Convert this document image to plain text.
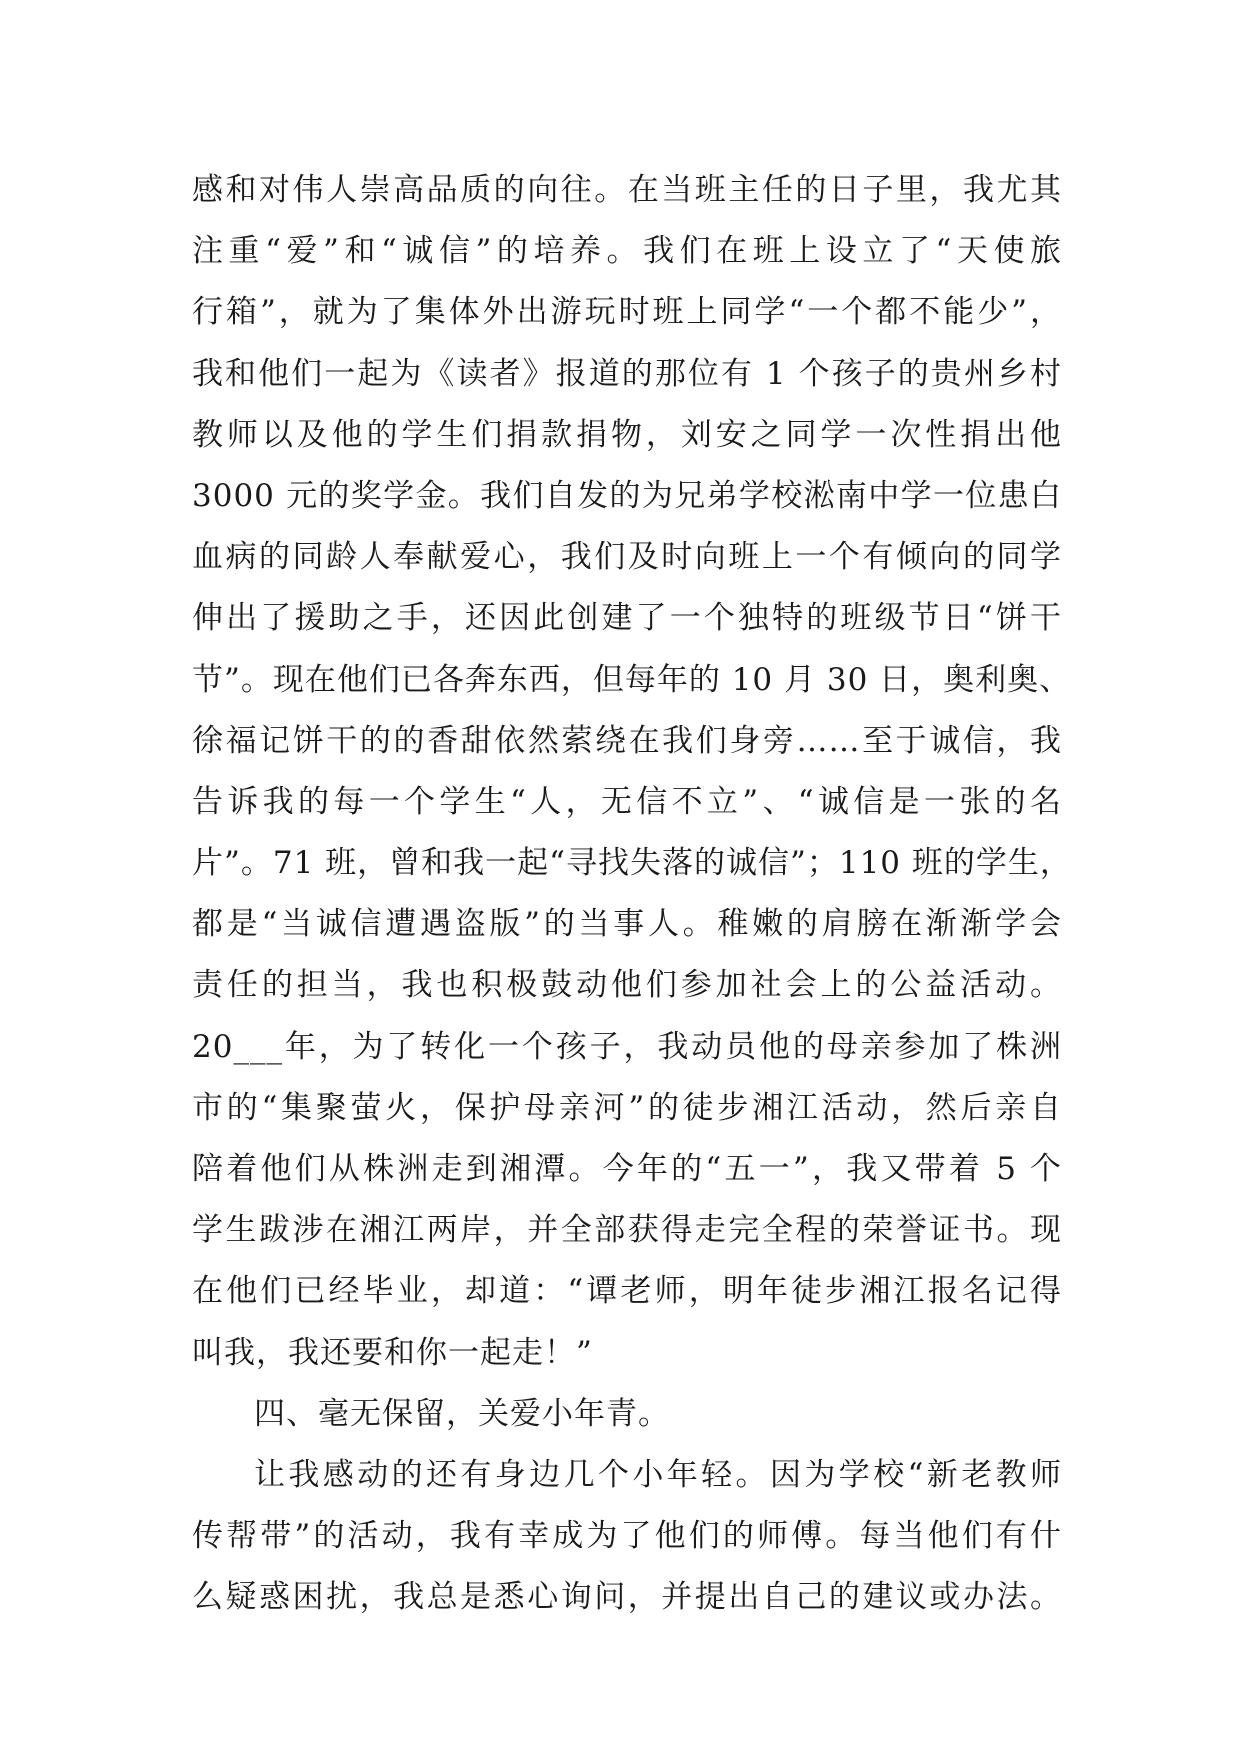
感和对伟人崇高品质的向往。在当班主任的日子里，我尤其
注重“爱”和“诚信”的培养。我们在班上设立了“天使旅
行箱”，就为了集体外出游玩时班上同学“一个都不能少”，
我和他们一起为《读者》报道的那位有 1 个孩子的贵州乡村
教师以及他的学生们捐款捐物，刘安之同学一次性捐出他
3000 元的奖学金。我们自发的为兄弟学校淞南中学一位患白
血病的同龄人奉献爱心，我们及时向班上一个有倾向的同学
伸出了援助之手，还因此创建了一个独特的班级节日“饼干
节”。现在他们已各奔东西，但每年的 10 月 30 日，奥利奥、
徐福记饼干的的香甜依然萦绕在我们身旁……至于诚信，我
告诉我的每一个学生“人，无信不立”、“诚信是一张的名
片”。71 班，曾和我一起“寻找失落的诚信”；110 班的学生，
都是“当诚信遭遇盗版”的当事人。稚嫩的肩膀在渐渐学会
责任的担当，我也积极鼓动他们参加社会上的公益活动。
20___年，为了转化一个孩子，我动员他的母亲参加了株洲
市的“集聚萤火，保护母亲河”的徒步湘江活动，然后亲自
陪着他们从株洲走到湘潭。今年的“五一”，我又带着 5 个
学生跋涉在湘江两岸，并全部获得走完全程的荣誉证书。现
在他们已经毕业，却道：“谭老师，明年徒步湘江报名记得
叫我，我还要和你一起走！”
四、毫无保留，关爱小年青。
让我感动的还有身边几个小年轻。因为学校“新老教师
传帮带”的活动，我有幸成为了他们的师傅。每当他们有什
么疑惑困扰，我总是悉心询问，并提出自己的建议或办法。
